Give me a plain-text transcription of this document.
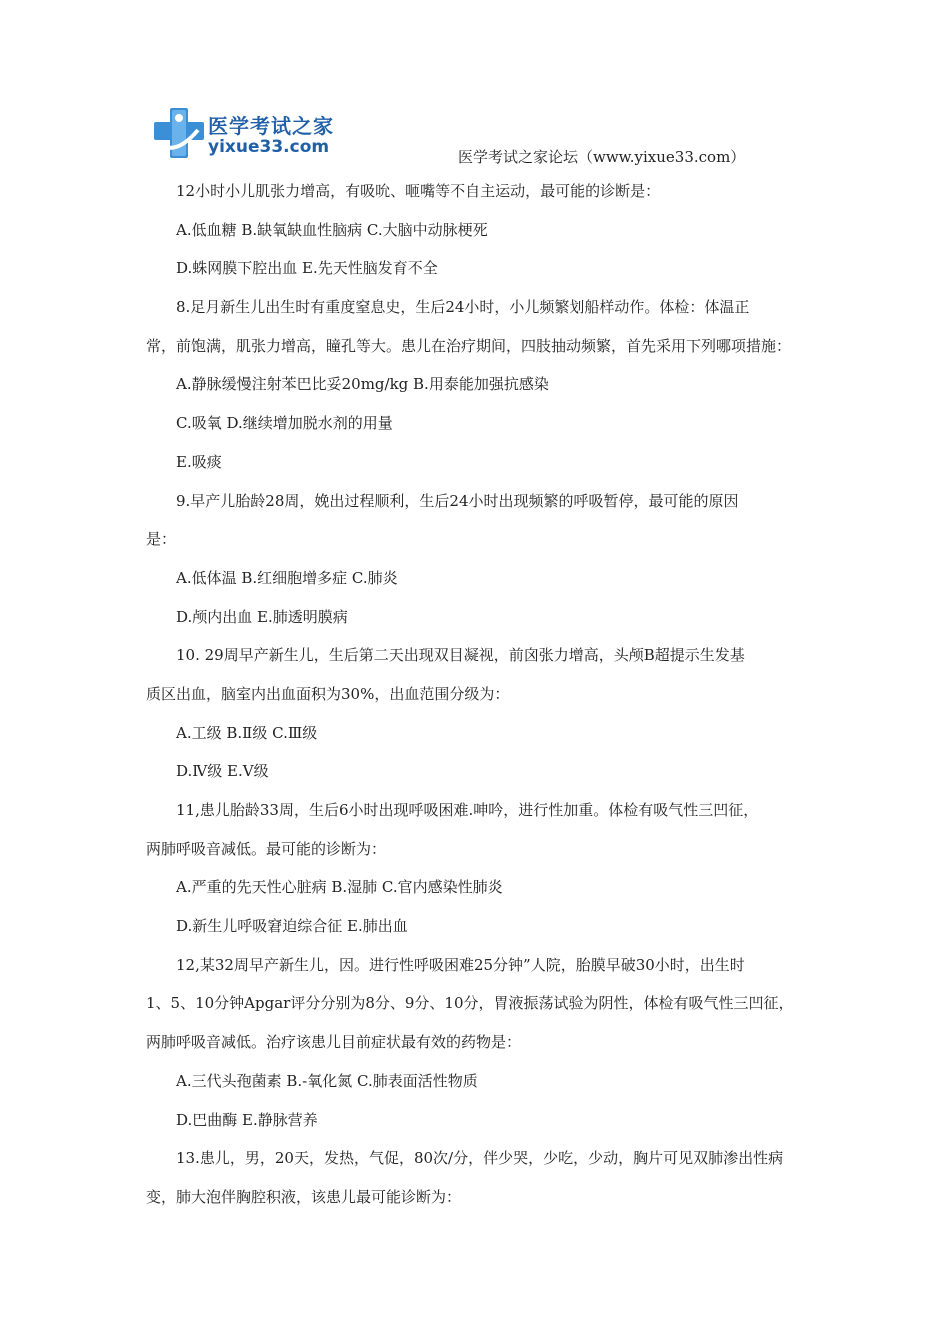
医学考试之家
yixue33.com	医学考试之家论坛（www.yixue33.com）

12小时小儿肌张力增高，有吸吮、咂嘴等不自主运动，最可能的诊断是：

A.低血糖 B.缺氧缺血性脑病 C.大脑中动脉梗死

D.蛛网膜下腔出血 E.先天性脑发育不全

8.足月新生儿出生时有重度窒息史，生后24小时，小儿频繁划船样动作。体检：体温正

常，前饱满，肌张力增高，瞳孔等大。患儿在治疗期间，四肢抽动频繁，首先采用下列哪项措施：

A.静脉缓慢注射苯巴比妥20mg/kg B.用泰能加强抗感染

C.吸氧 D.继续增加脱水剂的用量

E.吸痰

9.早产儿胎龄28周，娩出过程顺利，生后24小时出现频繁的呼吸暂停，最可能的原因

是：

A.低体温 B.红细胞增多症 C.肺炎

D.颅内出血 E.肺透明膜病

10. 29周早产新生儿，生后第二天出现双目凝视，前囟张力增高，头颅B超提示生发基

质区出血，脑室内出血面积为30%，出血范围分级为：

A.工级 B.Ⅱ级 C.Ⅲ级

D.Ⅳ级 E.Ⅴ级

11,患儿胎龄33周，生后6小时出现呼吸困难.呻吟，进行性加重。体检有吸气性三凹征，

两肺呼吸音减低。最可能的诊断为：

A.严重的先天性心脏病 B.湿肺 C.官内感染性肺炎

D.新生儿呼吸窘迫综合征 E.肺出血

12,某32周早产新生儿，因。进行性呼吸困难25分钟”人院，胎膜早破30小时，出生时

1、5、10分钟Apgar评分分别为8分、9分、10分，胃液振荡试验为阴性，体检有吸气性三凹征，

两肺呼吸音减低。治疗该患儿目前症状最有效的药物是：

A.三代头孢菌素 B.-氧化氮 C.肺表面活性物质

D.巴曲酶 E.静脉营养

13.患儿，男，20天，发热，气促，80次/分，伴少哭，少吃，少动，胸片可见双肺渗出性病

变，肺大泡伴胸腔积液，该患儿最可能诊断为：
